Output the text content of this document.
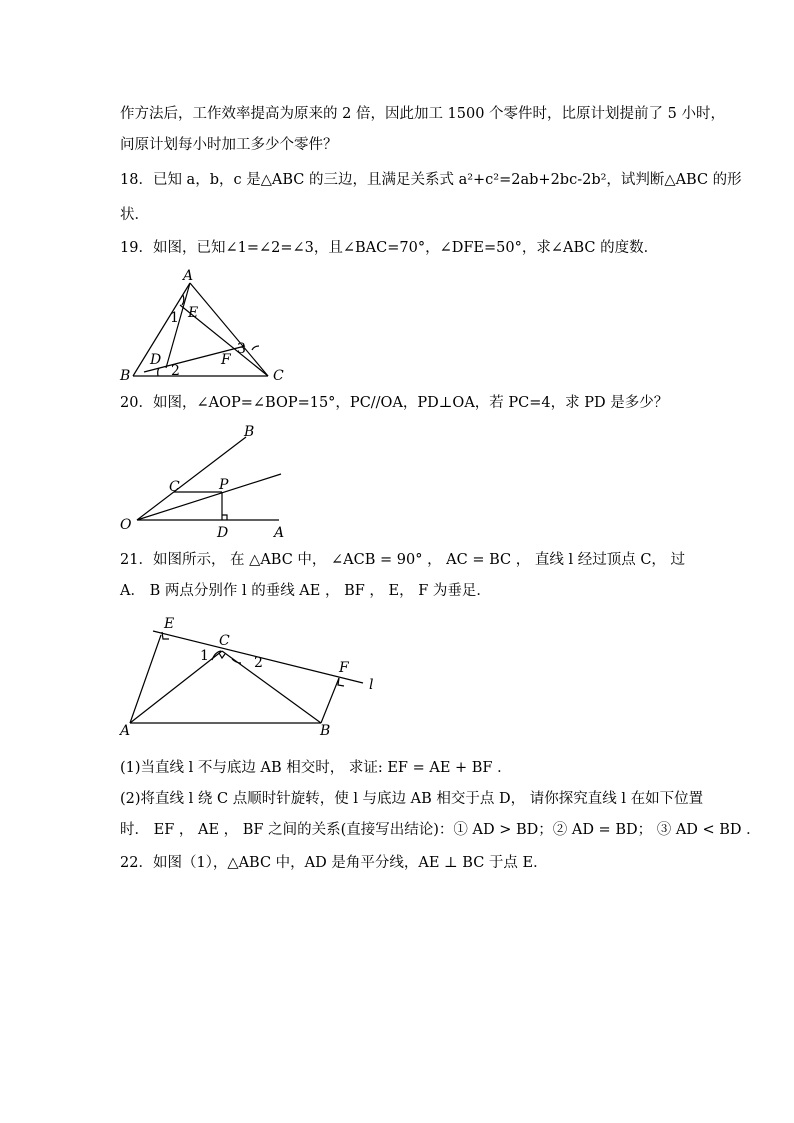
作方法后，工作效率提高为原来的 2 倍，因此加工 1500 个零件时，比原计划提前了 5 小时，
问原计划每小时加工多少个零件？
18．已知 a，b，c 是△ABC 的三边，且满足关系式 a²+c²=2ab+2bc-2b²，试判断△ABC 的形
状．
19．如图，已知∠1=∠2=∠3，且∠BAC=70°，∠DFE=50°，求∠ABC 的度数．
A
E
1
3
D	F
2
B	C
20．如图，∠AOP=∠BOP=15°，PC//OA，PD⊥OA，若 PC=4，求 PD 是多少？
B
C	P
O	D	A
21．如图所示， 在 △ABC 中， ∠ACB = 90° ， AC = BC ， 直线 l 经过顶点 C， 过
A． B 两点分别作 l 的垂线 AE ， BF ， E， F 为垂足．
E
C
1	2	F
l
A	B
(1)当直线 l 不与底边 AB 相交时， 求证: EF = AE + BF ．
(2)将直线 l 绕 C 点顺时针旋转，使 l 与底边 AB 相交于点 D， 请你探究直线 l 在如下位置
时． EF ， AE ， BF 之间的关系(直接写出结论)：① AD > BD；② AD = BD； ③ AD < BD ．
22．如图（1），△ABC 中，AD 是角平分线，AE ⊥ BC 于点 E．
